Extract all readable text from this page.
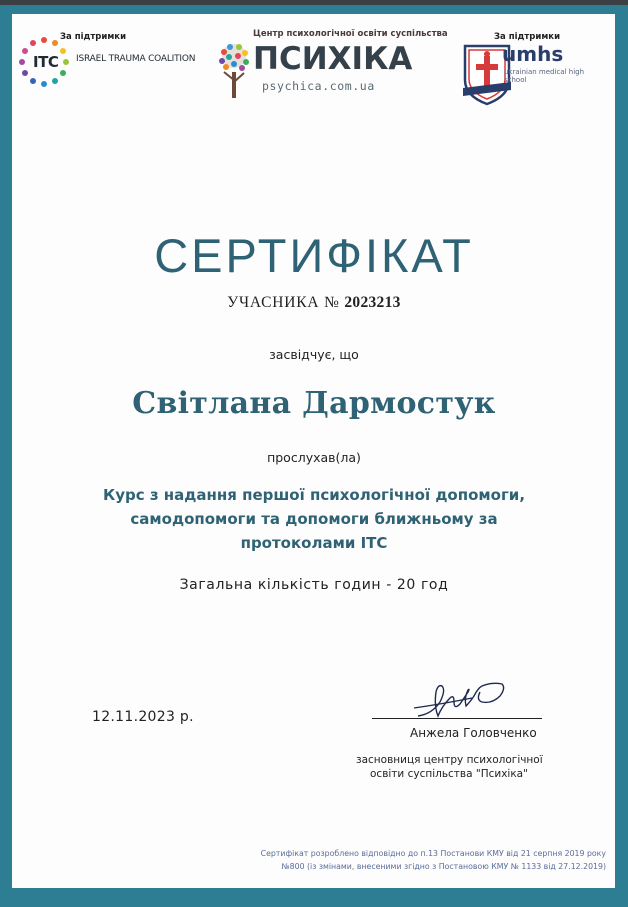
За підтримки
ITC ISRAEL TRAUMA COALITION
Центр психологічної освіти суспільства
ПСИХІКА
psychica.com.ua
За підтримки
umhs
ukrainian medical high school
СЕРТИФІКАТ
УЧАСНИКА № 2023213
засвідчує, що
Світлана Дармостук
прослухав(ла)
Курс з надання першої психологічної допомоги,
самодопомоги та допомоги ближньому за
протоколами ITC
Загальна кількість годин - 20 год
12.11.2023 р.
Анжела Головченко
засновниця центру психологічної
освіти суспільства "Психіка"
Сертифікат розроблено відповідно до п.13 Постанови КМУ від 21 серпня 2019 року
№800 (із змінами, внесеними згідно з Постановою КМУ № 1133 від 27.12.2019)
